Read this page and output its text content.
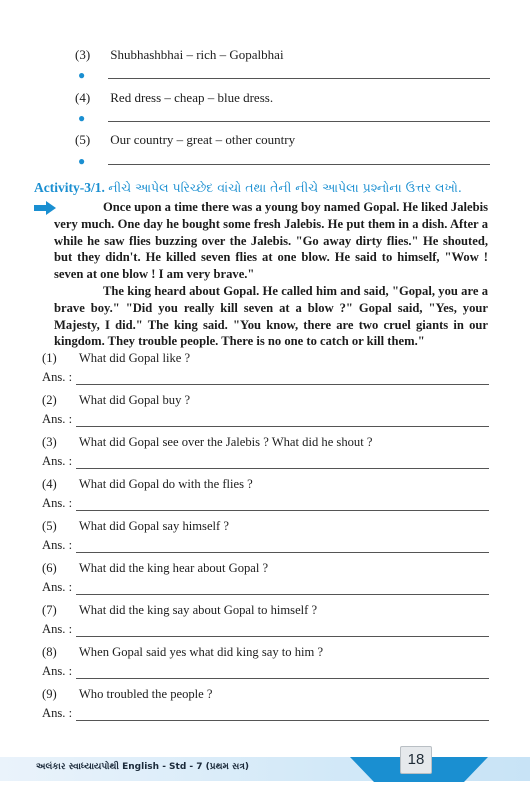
(3) Shubhashbhai – rich – Gopalbhai
●
(4) Red dress – cheap – blue dress.
●
(5) Our country – great – other country
●
Activity-3/1. નીચે આપેલ પરિચ્છેદ વાંચો તથા તેની નીચે આપેલા પ્રશ્નોના ઉત્તર લખો.

Once upon a time there was a young boy named Gopal. He liked Jalebis very much. One day he bought some fresh Jalebis. He put them in a dish. After a while he saw flies buzzing over the Jalebis. "Go away dirty flies." He shouted, but they didn't. He killed seven flies at one blow. He said to himself, "Wow ! seven at one blow ! I am very brave."

The king heard about Gopal. He called him and said, "Gopal, you are a brave boy." "Did you really kill seven at a blow ?" Gopal said, "Yes, your Majesty, I did." The king said. "You know, there are two cruel giants in our kingdom. They trouble people. There is no one to catch or kill them."

(1) What did Gopal like ?
Ans. :
(2) What did Gopal buy ?
Ans. :
(3) What did Gopal see over the Jalebis ? What did he shout ?
Ans. :
(4) What did Gopal do with the flies ?
Ans. :
(5) What did Gopal say himself ?
Ans. :
(6) What did the king hear about Gopal ?
Ans. :
(7) What did the king say about Gopal to himself ?
Ans. :
(8) When Gopal said yes what did king say to him ?
Ans. :
(9) Who troubled the people ?
Ans. :
અલંકાર સ્વાધ્યાયપોથી English - Std - 7 (પ્રથમ સત્ર)	18
